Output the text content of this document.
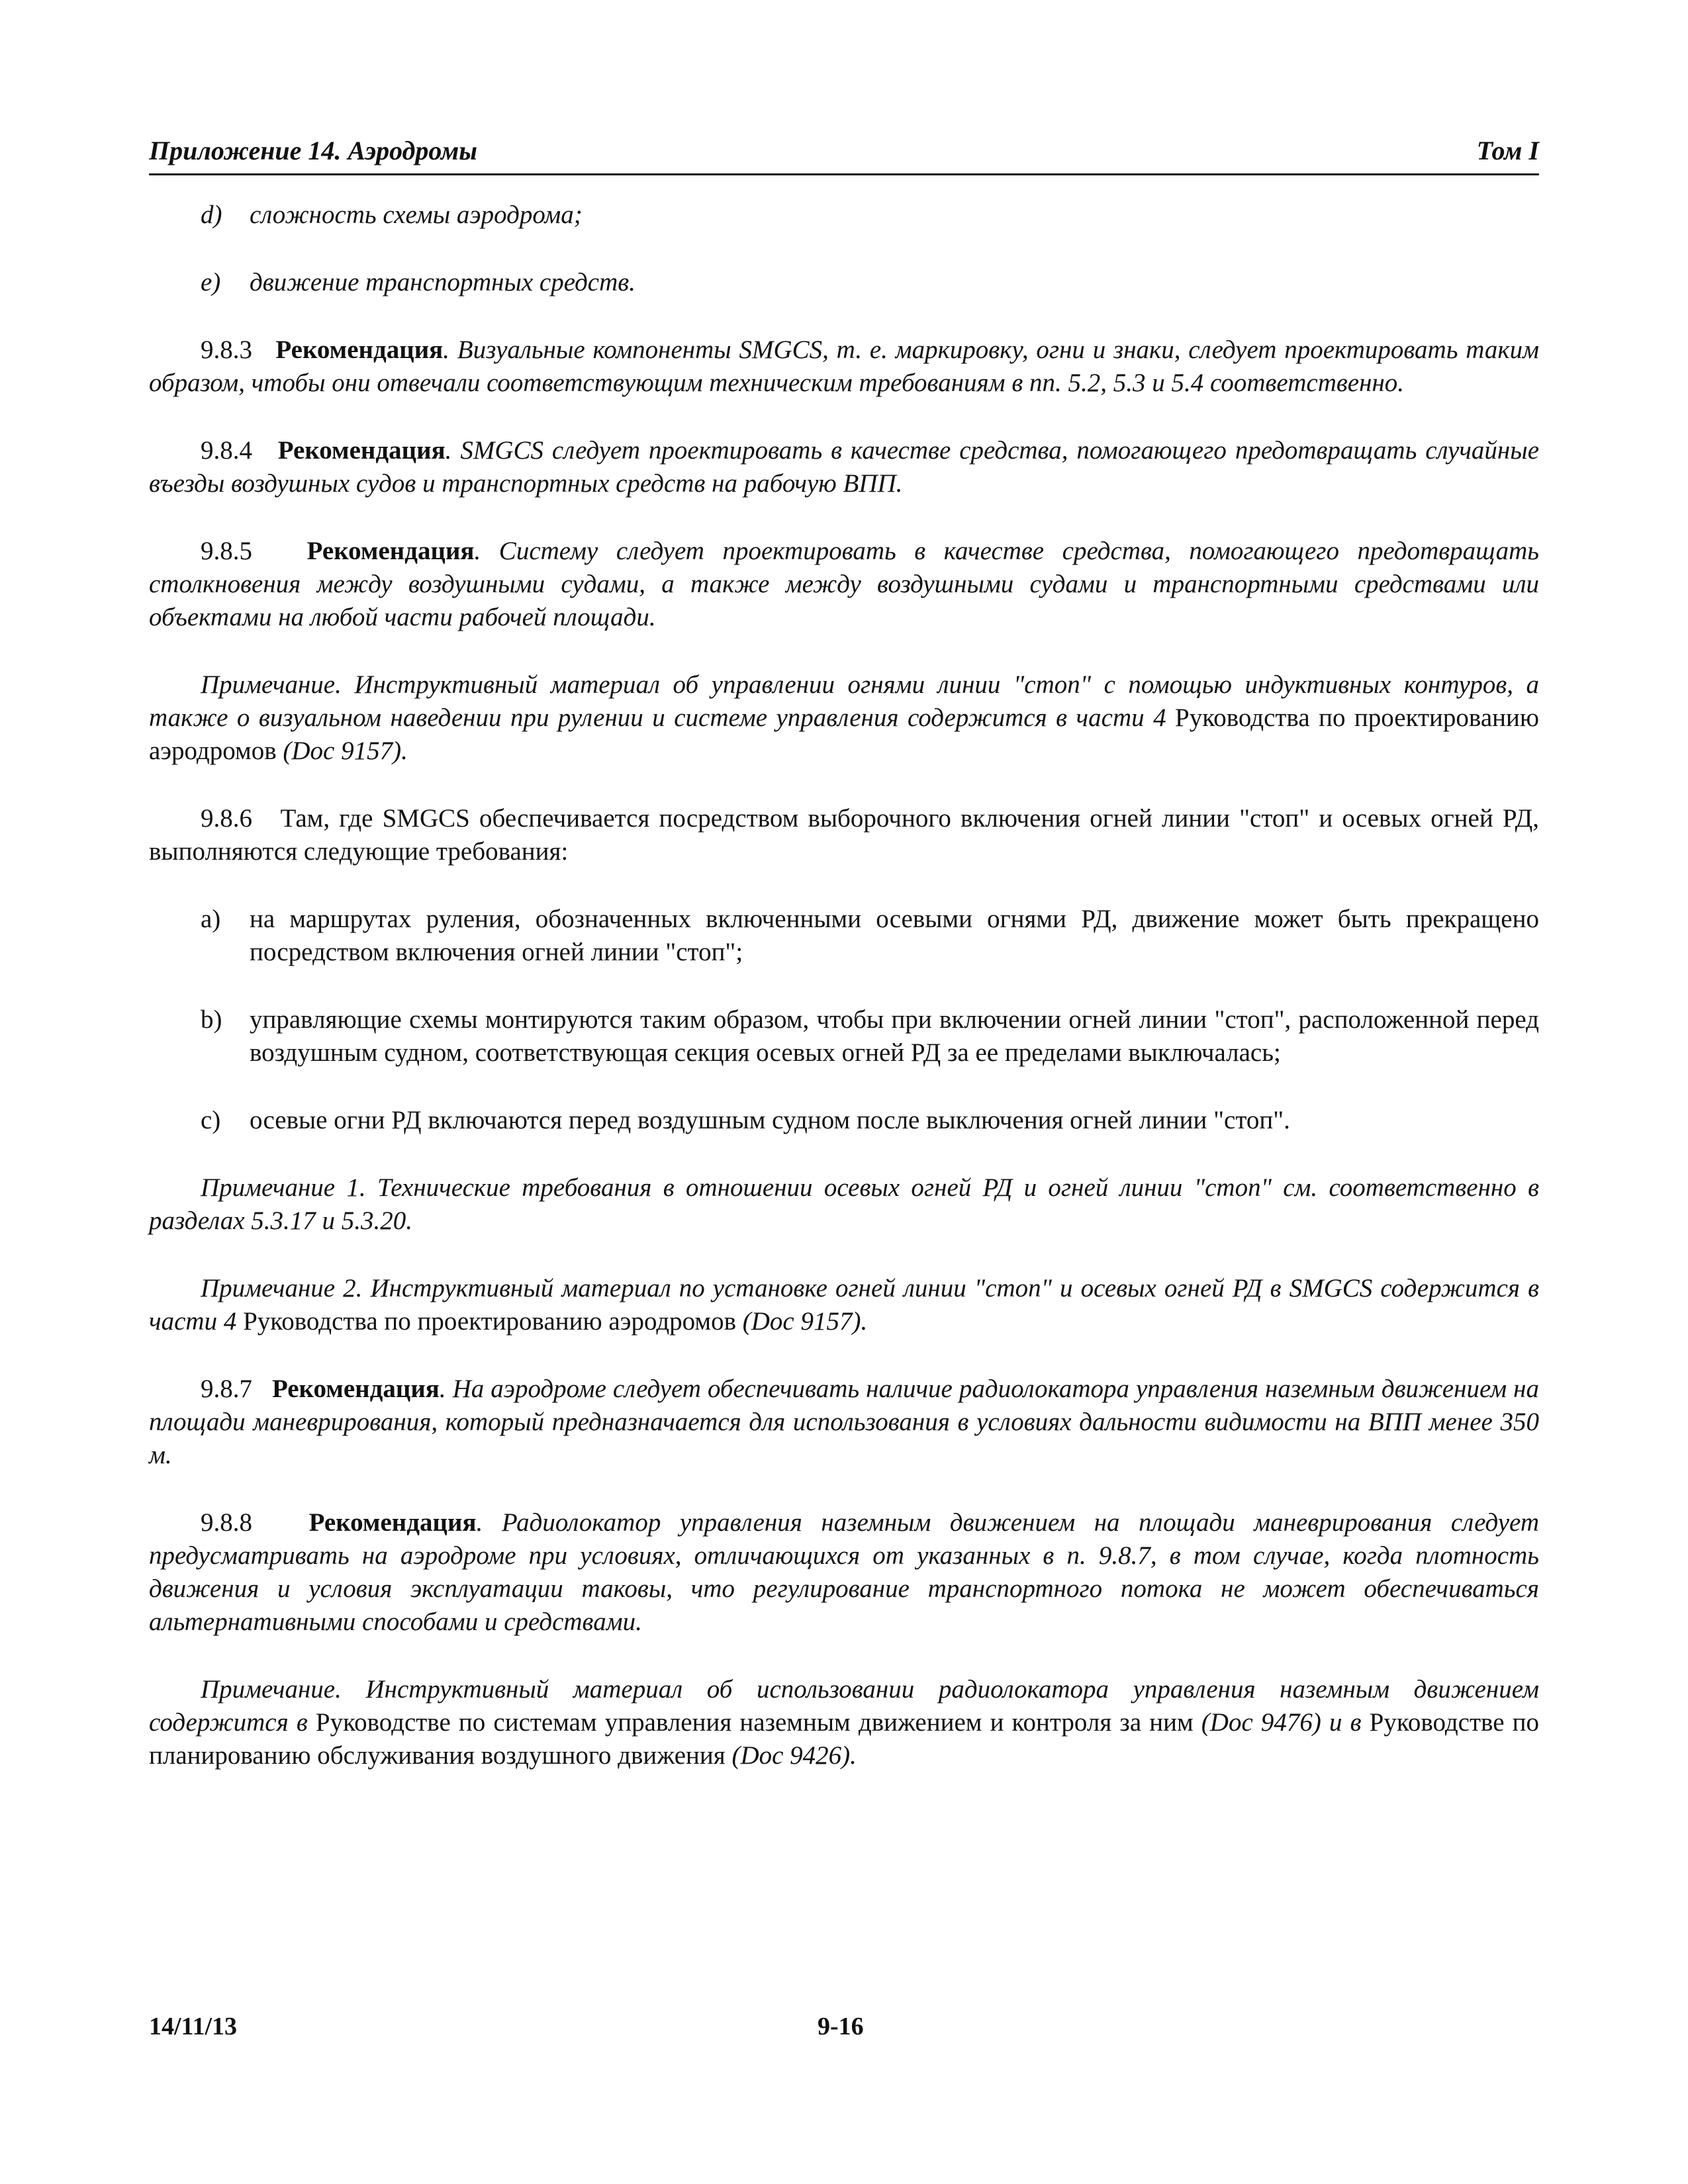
Приложение 14. Аэродромы	Том I
d)	сложность схемы аэродрома;
e)	движение транспортных средств.

9.8.3 Рекомендация. Визуальные компоненты SMGCS, т. е. маркировку, огни и знаки, следует проектировать таким образом, чтобы они отвечали соответствующим техническим требованиям в пп. 5.2, 5.3 и 5.4 соответственно.

9.8.4 Рекомендация. SMGCS следует проектировать в качестве средства, помогающего предотвращать случайные въезды воздушных судов и транспортных средств на рабочую ВПП.

9.8.5 Рекомендация. Систему следует проектировать в качестве средства, помогающего предотвращать столкновения между воздушными судами, а также между воздушными судами и транспортными средствами или объектами на любой части рабочей площади.

Примечание. Инструктивный материал об управлении огнями линии "стоп" с помощью индуктивных контуров, а также о визуальном наведении при рулении и системе управления содержится в части 4 Руководства по проектированию аэродромов (Doc 9157).

9.8.6 Там, где SMGCS обеспечивается посредством выборочного включения огней линии "стоп" и осевых огней РД, выполняются следующие требования:

a)	на маршрутах руления, обозначенных включенными осевыми огнями РД, движение может быть прекращено посредством включения огней линии "стоп";
b)	управляющие схемы монтируются таким образом, чтобы при включении огней линии "стоп", расположенной перед воздушным судном, соответствующая секция осевых огней РД за ее пределами выключалась;
c)	осевые огни РД включаются перед воздушным судном после выключения огней линии "стоп".

Примечание 1. Технические требования в отношении осевых огней РД и огней линии "стоп" см. соответственно в разделах 5.3.17 и 5.3.20.

Примечание 2. Инструктивный материал по установке огней линии "стоп" и осевых огней РД в SMGCS содержится в части 4 Руководства по проектированию аэродромов (Doc 9157).

9.8.7 Рекомендация. На аэродроме следует обеспечивать наличие радиолокатора управления наземным движением на площади маневрирования, который предназначается для использования в условиях дальности видимости на ВПП менее 350 м.

9.8.8 Рекомендация. Радиолокатор управления наземным движением на площади маневрирования следует предусматривать на аэродроме при условиях, отличающихся от указанных в п. 9.8.7, в том случае, когда плотность движения и условия эксплуатации таковы, что регулирование транспортного потока не может обеспечиваться альтернативными способами и средствами.

Примечание. Инструктивный материал об использовании радиолокатора управления наземным движением содержится в Руководстве по системам управления наземным движением и контроля за ним (Doc 9476) и в Руководстве по планированию обслуживания воздушного движения (Doc 9426).

14/11/13	9-16
